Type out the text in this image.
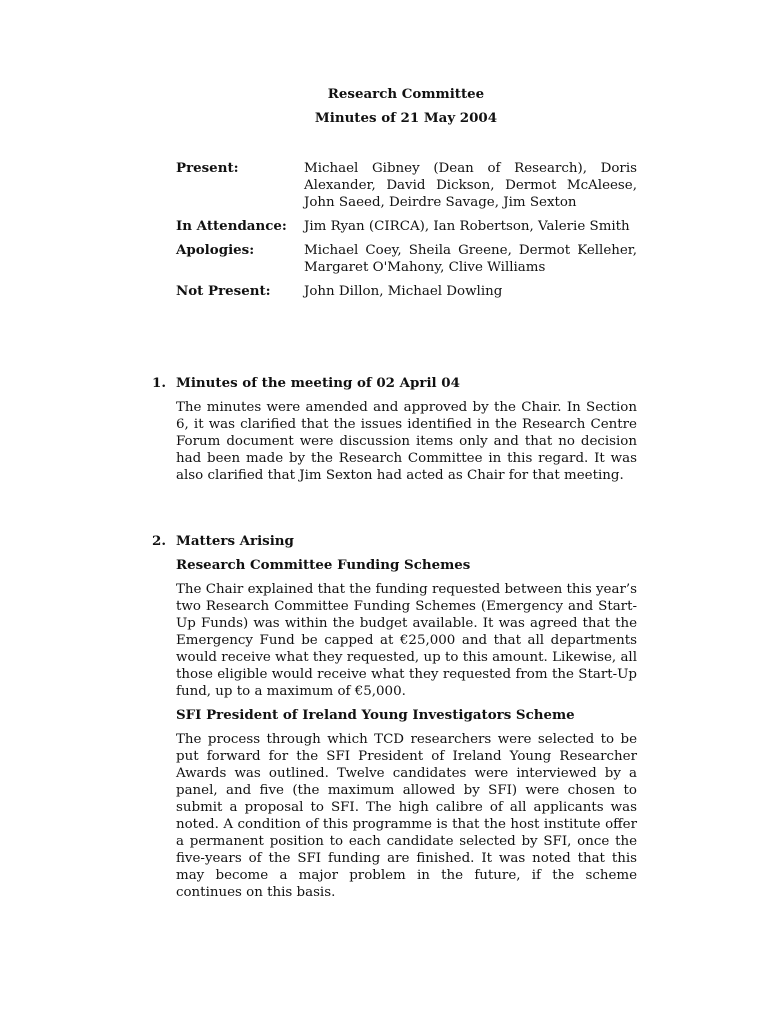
Research Committee
Minutes of 21 May 2004
Present:	Michael Gibney (Dean of Research), Doris Alexander, David Dickson, Dermot McAleese, John Saeed, Deirdre Savage, Jim Sexton
In Attendance:	Jim Ryan (CIRCA), Ian Robertson, Valerie Smith
Apologies:	Michael Coey, Sheila Greene, Dermot Kelleher, Margaret O'Mahony, Clive Williams
Not Present:	John Dillon, Michael Dowling
1. Minutes of the meeting of 02 April 04
The minutes were amended and approved by the Chair. In Section 6, it was clarified that the issues identified in the Research Centre Forum document were discussion items only and that no decision had been made by the Research Committee in this regard. It was also clarified that Jim Sexton had acted as Chair for that meeting.
2. Matters Arising
Research Committee Funding Schemes
The Chair explained that the funding requested between this year’s two Research Committee Funding Schemes (Emergency and Start-Up Funds) was within the budget available. It was agreed that the Emergency Fund be capped at €25,000 and that all departments would receive what they requested, up to this amount. Likewise, all those eligible would receive what they requested from the Start-Up fund, up to a maximum of €5,000.
SFI President of Ireland Young Investigators Scheme
The process through which TCD researchers were selected to be put forward for the SFI President of Ireland Young Researcher Awards was outlined. Twelve candidates were interviewed by a panel, and five (the maximum allowed by SFI) were chosen to submit a proposal to SFI. The high calibre of all applicants was noted. A condition of this programme is that the host institute offer a permanent position to each candidate selected by SFI, once the five-years of the SFI funding are finished. It was noted that this may become a major problem in the future, if the scheme continues on this basis.
